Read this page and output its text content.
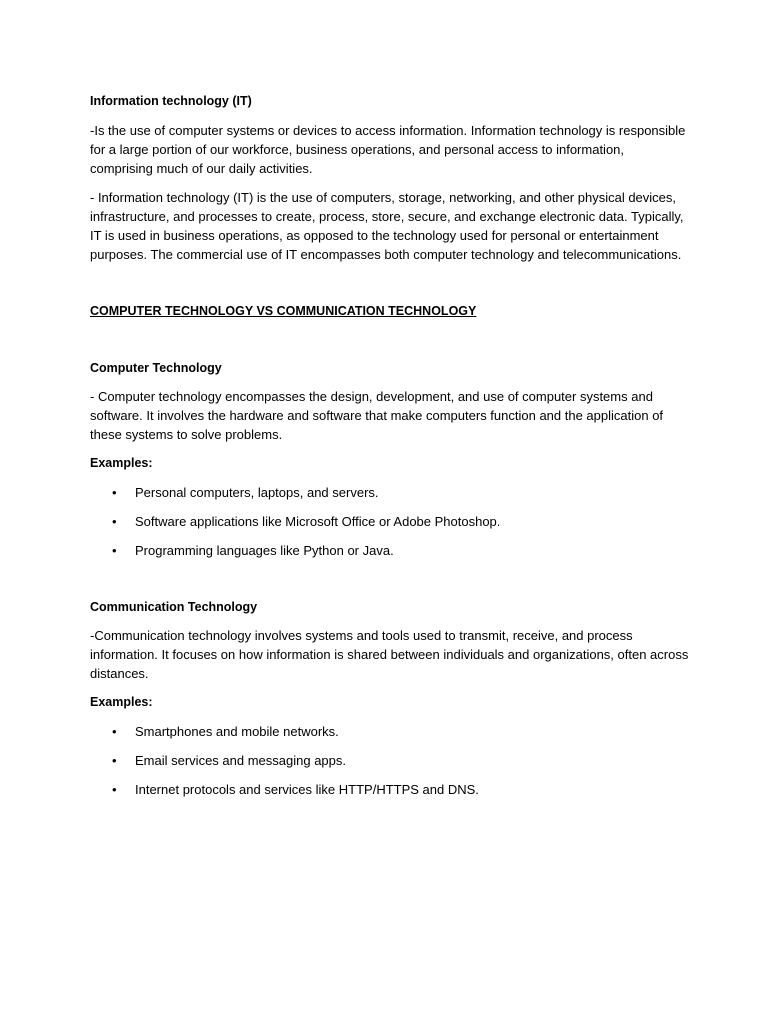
Information technology (IT)

-Is the use of computer systems or devices to access information. Information technology is responsible for a large portion of our workforce, business operations, and personal access to information, comprising much of our daily activities.

- Information technology (IT) is the use of computers, storage, networking, and other physical devices, infrastructure, and processes to create, process, store, secure, and exchange electronic data. Typically, IT is used in business operations, as opposed to the technology used for personal or entertainment purposes. The commercial use of IT encompasses both computer technology and telecommunications.

COMPUTER TECHNOLOGY VS COMMUNICATION TECHNOLOGY
Computer Technology

- Computer technology encompasses the design, development, and use of computer systems and software. It involves the hardware and software that make computers function and the application of these systems to solve problems.

Examples:
• Personal computers, laptops, and servers.
• Software applications like Microsoft Office or Adobe Photoshop.
• Programming languages like Python or Java.
Communication Technology

-Communication technology involves systems and tools used to transmit, receive, and process information. It focuses on how information is shared between individuals and organizations, often across distances.

Examples:
• Smartphones and mobile networks.
• Email services and messaging apps.
• Internet protocols and services like HTTP/HTTPS and DNS.
